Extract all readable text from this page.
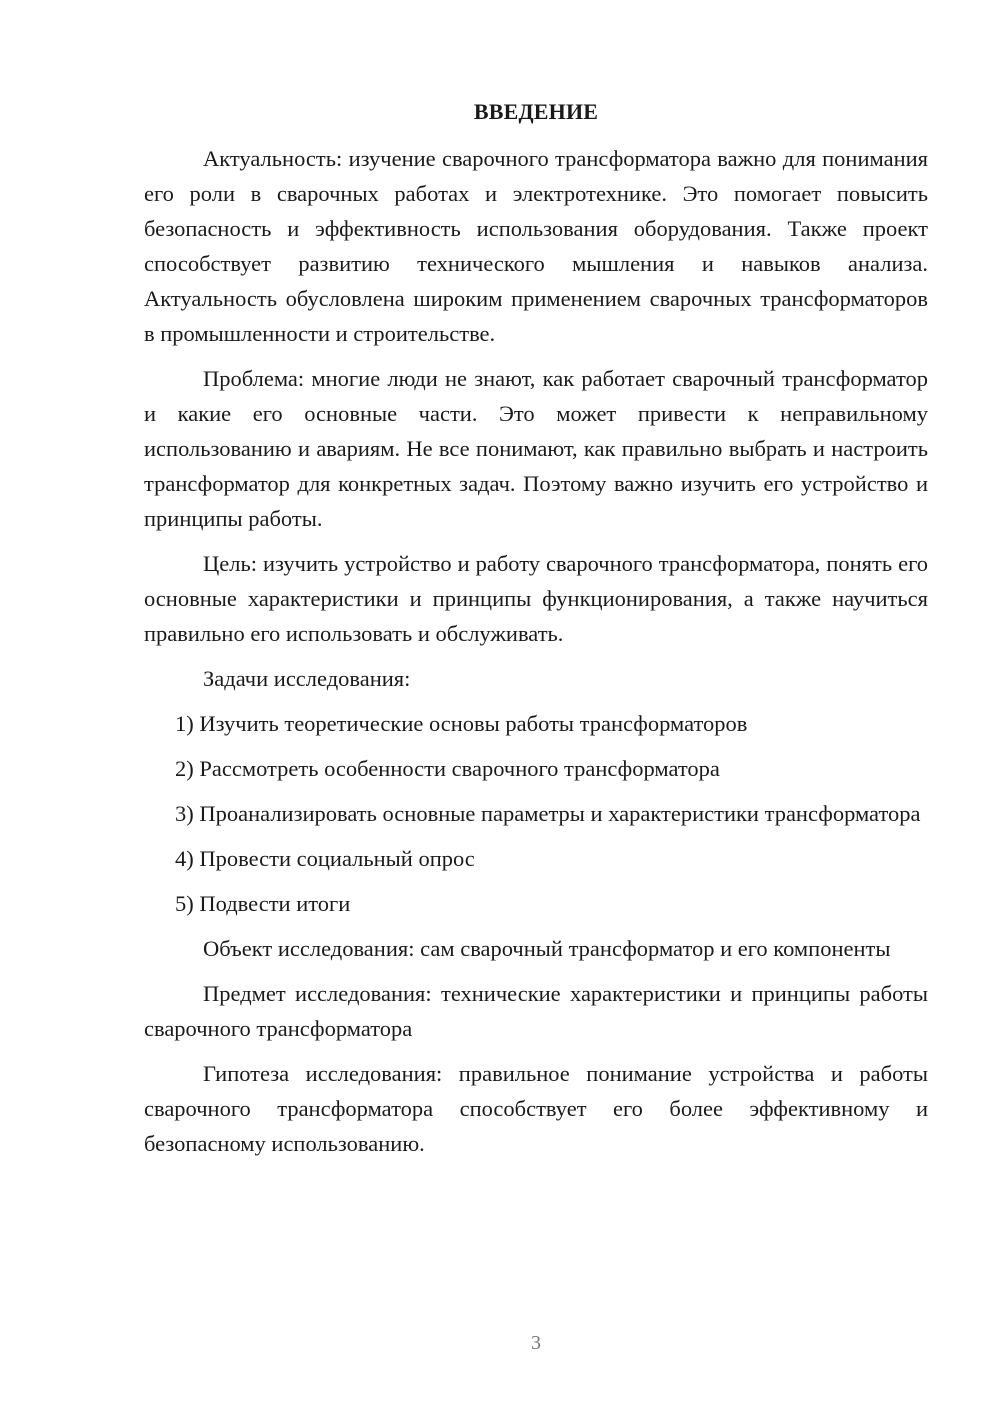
ВВЕДЕНИЕ

Актуальность: изучение сварочного трансформатора важно для понимания его роли в сварочных работах и электротехнике. Это помогает повысить безопасность и эффективность использования оборудования. Также проект способствует развитию технического мышления и навыков анализа. Актуальность обусловлена широким применением сварочных трансформаторов в промышленности и строительстве.

Проблема: многие люди не знают, как работает сварочный трансформатор и какие его основные части. Это может привести к неправильному использованию и авариям. Не все понимают, как правильно выбрать и настроить трансформатор для конкретных задач. Поэтому важно изучить его устройство и принципы работы.

Цель: изучить устройство и работу сварочного трансформатора, понять его основные характеристики и принципы функционирования, а также научиться правильно его использовать и обслуживать.

Задачи исследования:

1) Изучить теоретические основы работы трансформаторов

2) Рассмотреть особенности сварочного трансформатора

3) Проанализировать основные параметры и характеристики трансформатора

4) Провести социальный опрос

5) Подвести итоги

Объект исследования: сам сварочный трансформатор и его компоненты

Предмет исследования: технические характеристики и принципы работы сварочного трансформатора

Гипотеза исследования: правильное понимание устройства и работы сварочного трансформатора способствует его более эффективному и безопасному использованию.

3
